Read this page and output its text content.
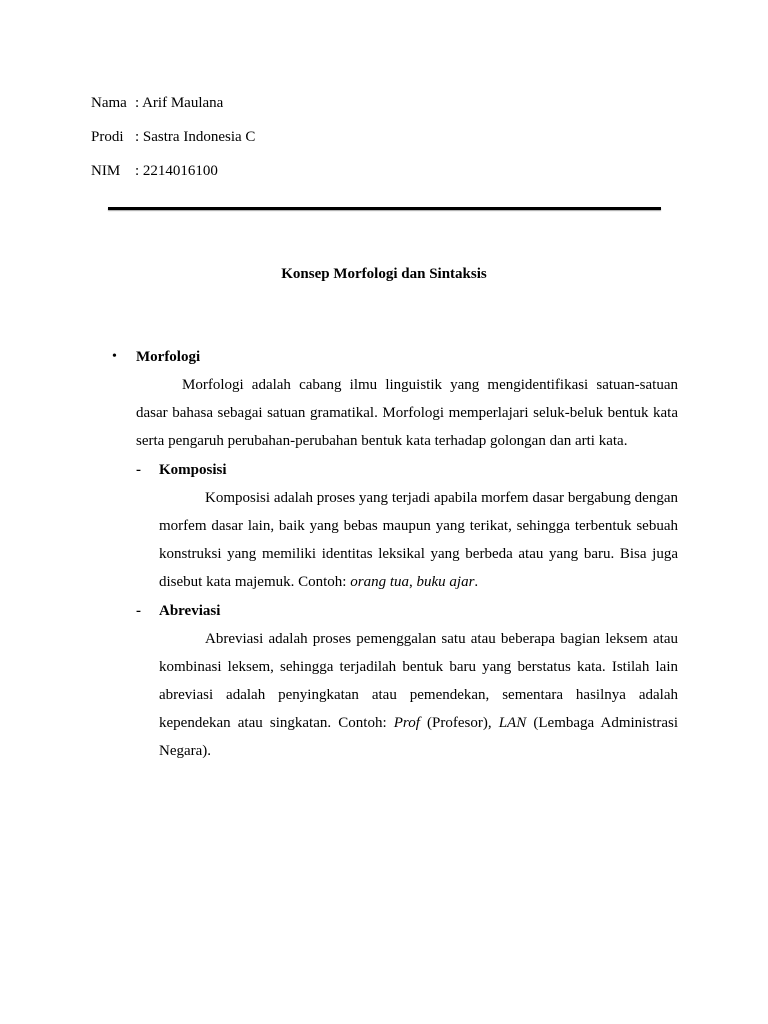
Nama : Arif Maulana
Prodi : Sastra Indonesia C
NIM : 2214016100
Konsep Morfologi dan Sintaksis
•	Morfologi

Morfologi adalah cabang ilmu linguistik yang mengidentifikasi satuan-satuan dasar bahasa sebagai satuan gramatikal. Morfologi memperlajari seluk-beluk bentuk kata serta pengaruh perubahan-perubahan bentuk kata terhadap golongan dan arti kata.

-	Komposisi

Komposisi adalah proses yang terjadi apabila morfem dasar bergabung dengan morfem dasar lain, baik yang bebas maupun yang terikat, sehingga terbentuk sebuah konstruksi yang memiliki identitas leksikal yang berbeda atau yang baru. Bisa juga disebut kata majemuk. Contoh: orang tua, buku ajar.

-	Abreviasi

Abreviasi adalah proses pemenggalan satu atau beberapa bagian leksem atau kombinasi leksem, sehingga terjadilah bentuk baru yang berstatus kata. Istilah lain abreviasi adalah penyingkatan atau pemendekan, sementara hasilnya adalah kependekan atau singkatan. Contoh: Prof (Profesor), LAN (Lembaga Administrasi Negara).
